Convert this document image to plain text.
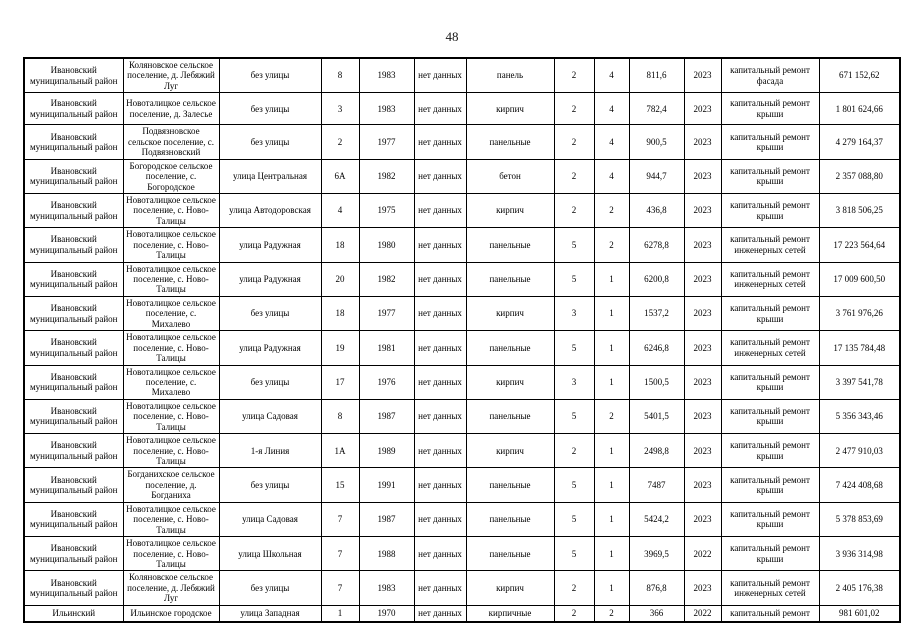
48
Ивановский муниципальный район	Коляновское сельское поселение, д. Лебяжий Луг	без улицы	8	1983	нет данных	панель	2	4	811,6	2023	капитальный ремонт фасада	671 152,62
Ивановский муниципальный район	Новоталицкое сельское поселение, д. Залесье	без улицы	3	1983	нет данных	кирпич	2	4	782,4	2023	капитальный ремонт крыши	1 801 624,66
Ивановский муниципальный район	Подвязновское сельское поселение, с. Подвязновский	без улицы	2	1977	нет данных	панельные	2	4	900,5	2023	капитальный ремонт крыши	4 279 164,37
Ивановский муниципальный район	Богородское сельское поселение, с. Богородское	улица Центральная	6А	1982	нет данных	бетон	2	4	944,7	2023	капитальный ремонт крыши	2 357 088,80
Ивановский муниципальный район	Новоталицкое сельское поселение, с. Ново-Талицы	улица Автодоровская	4	1975	нет данных	кирпич	2	2	436,8	2023	капитальный ремонт крыши	3 818 506,25
Ивановский муниципальный район	Новоталицкое сельское поселение, с. Ново-Талицы	улица Радужная	18	1980	нет данных	панельные	5	2	6278,8	2023	капитальный ремонт инженерных сетей	17 223 564,64
Ивановский муниципальный район	Новоталицкое сельское поселение, с. Ново-Талицы	улица Радужная	20	1982	нет данных	панельные	5	1	6200,8	2023	капитальный ремонт инженерных сетей	17 009 600,50
Ивановский муниципальный район	Новоталицкое сельское поселение, с. Михалево	без улицы	18	1977	нет данных	кирпич	3	1	1537,2	2023	капитальный ремонт крыши	3 761 976,26
Ивановский муниципальный район	Новоталицкое сельское поселение, с. Ново-Талицы	улица Радужная	19	1981	нет данных	панельные	5	1	6246,8	2023	капитальный ремонт инженерных сетей	17 135 784,48
Ивановский муниципальный район	Новоталицкое сельское поселение, с. Михалево	без улицы	17	1976	нет данных	кирпич	3	1	1500,5	2023	капитальный ремонт крыши	3 397 541,78
Ивановский муниципальный район	Новоталицкое сельское поселение, с. Ново-Талицы	улица Садовая	8	1987	нет данных	панельные	5	2	5401,5	2023	капитальный ремонт крыши	5 356 343,46
Ивановский муниципальный район	Новоталицкое сельское поселение, с. Ново-Талицы	1-я Линия	1А	1989	нет данных	кирпич	2	1	2498,8	2023	капитальный ремонт крыши	2 477 910,03
Ивановский муниципальный район	Богданихское сельское поселение, д. Богданиха	без улицы	15	1991	нет данных	панельные	5	1	7487	2023	капитальный ремонт крыши	7 424 408,68
Ивановский муниципальный район	Новоталицкое сельское поселение, с. Ново-Талицы	улица Садовая	7	1987	нет данных	панельные	5	1	5424,2	2023	капитальный ремонт крыши	5 378 853,69
Ивановский муниципальный район	Новоталицкое сельское поселение, с. Ново-Талицы	улица Школьная	7	1988	нет данных	панельные	5	1	3969,5	2022	капитальный ремонт крыши	3 936 314,98
Ивановский муниципальный район	Коляновское сельское поселение, д. Лебяжий Луг	без улицы	7	1983	нет данных	кирпич	2	1	876,8	2023	капитальный ремонт инженерных сетей	2 405 176,38
Ильинский	Ильинское городское	улица Западная	1	1970	нет данных	кирпичные	2	2	366	2022	капитальный ремонт	981 601,02
